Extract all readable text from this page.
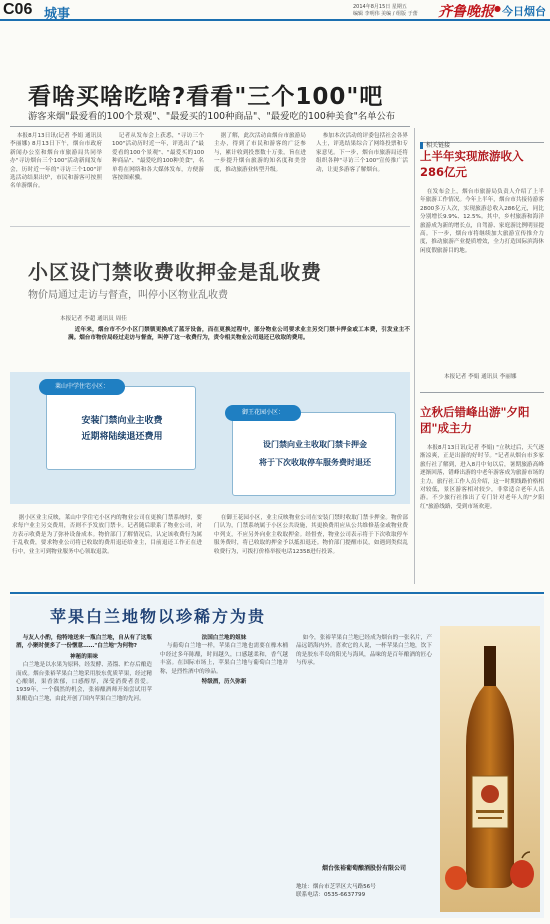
C06 城事	2014年8月15日 星期五
编辑 李明伟 美编 / 组版 于蕾 齐鲁晚报 ● 今日烟台
看啥买啥吃啥?看看"三个100"吧
游客来烟"最爱看的100个景观"、"最爱买的100种商品"、"最爱吃的100种美食"名单公布

本报8月13日讯(记者 李娟 通讯员 李丽娜) 8月13日下午，烟台市政府新闻办公室和烟台市旅游局共同举办"寻访烟台三个100"活动新闻发布会，历时近一年的"寻访三个100"评选活动结果出炉，市民和游客可按照名单游烟台。

记者从发布会上获悉，"寻访三个100"活动历时近一年，评选出了"最爱看的100个景观"、"最爱买的100种商品"、"最爱吃的100种美食"，名单将在网络和各大媒体发布，方便游客按图索骥。

据了解，此次活动由烟台市旅游局主办，得到了市民和游客的广泛参与，累计收到投票数十万张，旨在进一步提升烟台旅游的知名度和美誉度，推动旅游业转型升级。

参加本次活动的评委包括社会各界人士，评选结果综合了网络投票和专家意见。下一步，烟台市旅游局还将组织各种"寻访三个100"宣传推广活动，让更多游客了解烟台。

相关链接
上半年实现旅游收入286亿元

在发布会上，烟台市旅游局负责人介绍了上半年旅游工作情况。今年上半年，烟台市共接待游客2800多万人次，实现旅游总收入286亿元，同比分别增长9.9%、12.5%。其中，乡村旅游和海洋旅游成为新的增长点，自驾游、家庭游比例明显提高。下一步，烟台市将继续加大旅游宣传推介力度，推动旅游产业提质增效，全力打造国际滨海休闲度假旅游目的地。

本报记者 李娟 通讯员 李丽娜
立秋后错峰出游"夕阳团"成主力

本报8月13日讯(记者 李娟) "立秋过后，天气逐渐凉爽，正是出游的好时节。"记者从烟台市多家旅行社了解到，进入8月中旬以后，暑期旅游高峰逐渐回落，错峰出游的中老年游客成为旅游市场的主力。旅行社工作人员介绍，这一时期线路价格相对较低，景区游客相对较少，非常适合老年人出游。不少旅行社推出了专门针对老年人的"夕阳红"旅游线路，受到市场欢迎。

小区设门禁收费收押金是乱收费
物价局通过走访与督查，叫停小区物业乱收费
本报记者 李超 通讯员 周佳

近年来，烟台市不少小区门禁锁更换成了蓝牙设备，而在更换过程中，部分物业公司要求业主另交门禁卡押金或工本费，引发业主不满。烟台市物价局经过走访与督查，叫停了这一收费行为，责令相关物业公司退还已收取的费用。

莱山中学住宅小区：
安装门禁向业主收费
近期将陆续退还费用
御王花园小区：
设门禁向业主收取门禁卡押金
将于下次收取停车服务费时退还

据小区业主反映，莱山中学住宅小区内的物业公司在更换门禁系统时，要求每户业主另交费用，否则不予发放门禁卡。记者随后联系了物业公司，对方表示收费是为了弥补设备成本。物价部门了解情况后，认定该收费行为属于乱收费，要求物业公司将已收取的费用退还给业主，目前退还工作正在进行中，业主可到物业服务中心领取退款。

在御王花园小区，业主反映物业公司在安装门禁时收取门禁卡押金。物价部门认为，门禁系统属于小区公共设施，其更换费用应从公共维修基金或物业费中列支，不应另外向业主收取押金。经督查，物业公司表示将于下次收取停车服务费时，将已收取的押金予以抵扣退还。物价部门提醒市民，如遇到类似乱收费行为，可拨打价格举报电话12358进行投诉。

苹果白兰地物以珍稀方为贵

与友人小酌，他特地送来一瓶白兰地，自从有了这瓶酒，小聚时便多了一份惬意……"白兰地"为何物?

神秘的果味

白兰地是以水果为原料，经发酵、蒸馏、贮存后酿造而成。烟台张裕苹果白兰地采用胶东优质苹果，经过精心酿制，果香浓郁，口感醇厚，深受消费者喜爱。1939年，一个偶然的机会，张裕酿酒师开始尝试用苹果酿造白兰地，由此开创了国内苹果白兰地的先河。

法国白兰地的姐妹

与葡萄白兰地一样，苹果白兰地也需要在橡木桶中经过多年陈酿，时间越久，口感越柔和，香气越丰富。在国际市场上，苹果白兰地与葡萄白兰地并称，是烈性酒中的珍品。

特级酒，历久弥新

如今，张裕苹果白兰地已经成为烟台的一张名片，产品远销海内外。喜欢它的人说，一杯苹果白兰地，饮下的是胶东半岛的阳光与海风，品味的是百年酿酒的匠心与传承。

烟台张裕葡萄酿酒股份有限公司
地址：烟台市芝罘区大马路56号
联系电话：0535-6637799
